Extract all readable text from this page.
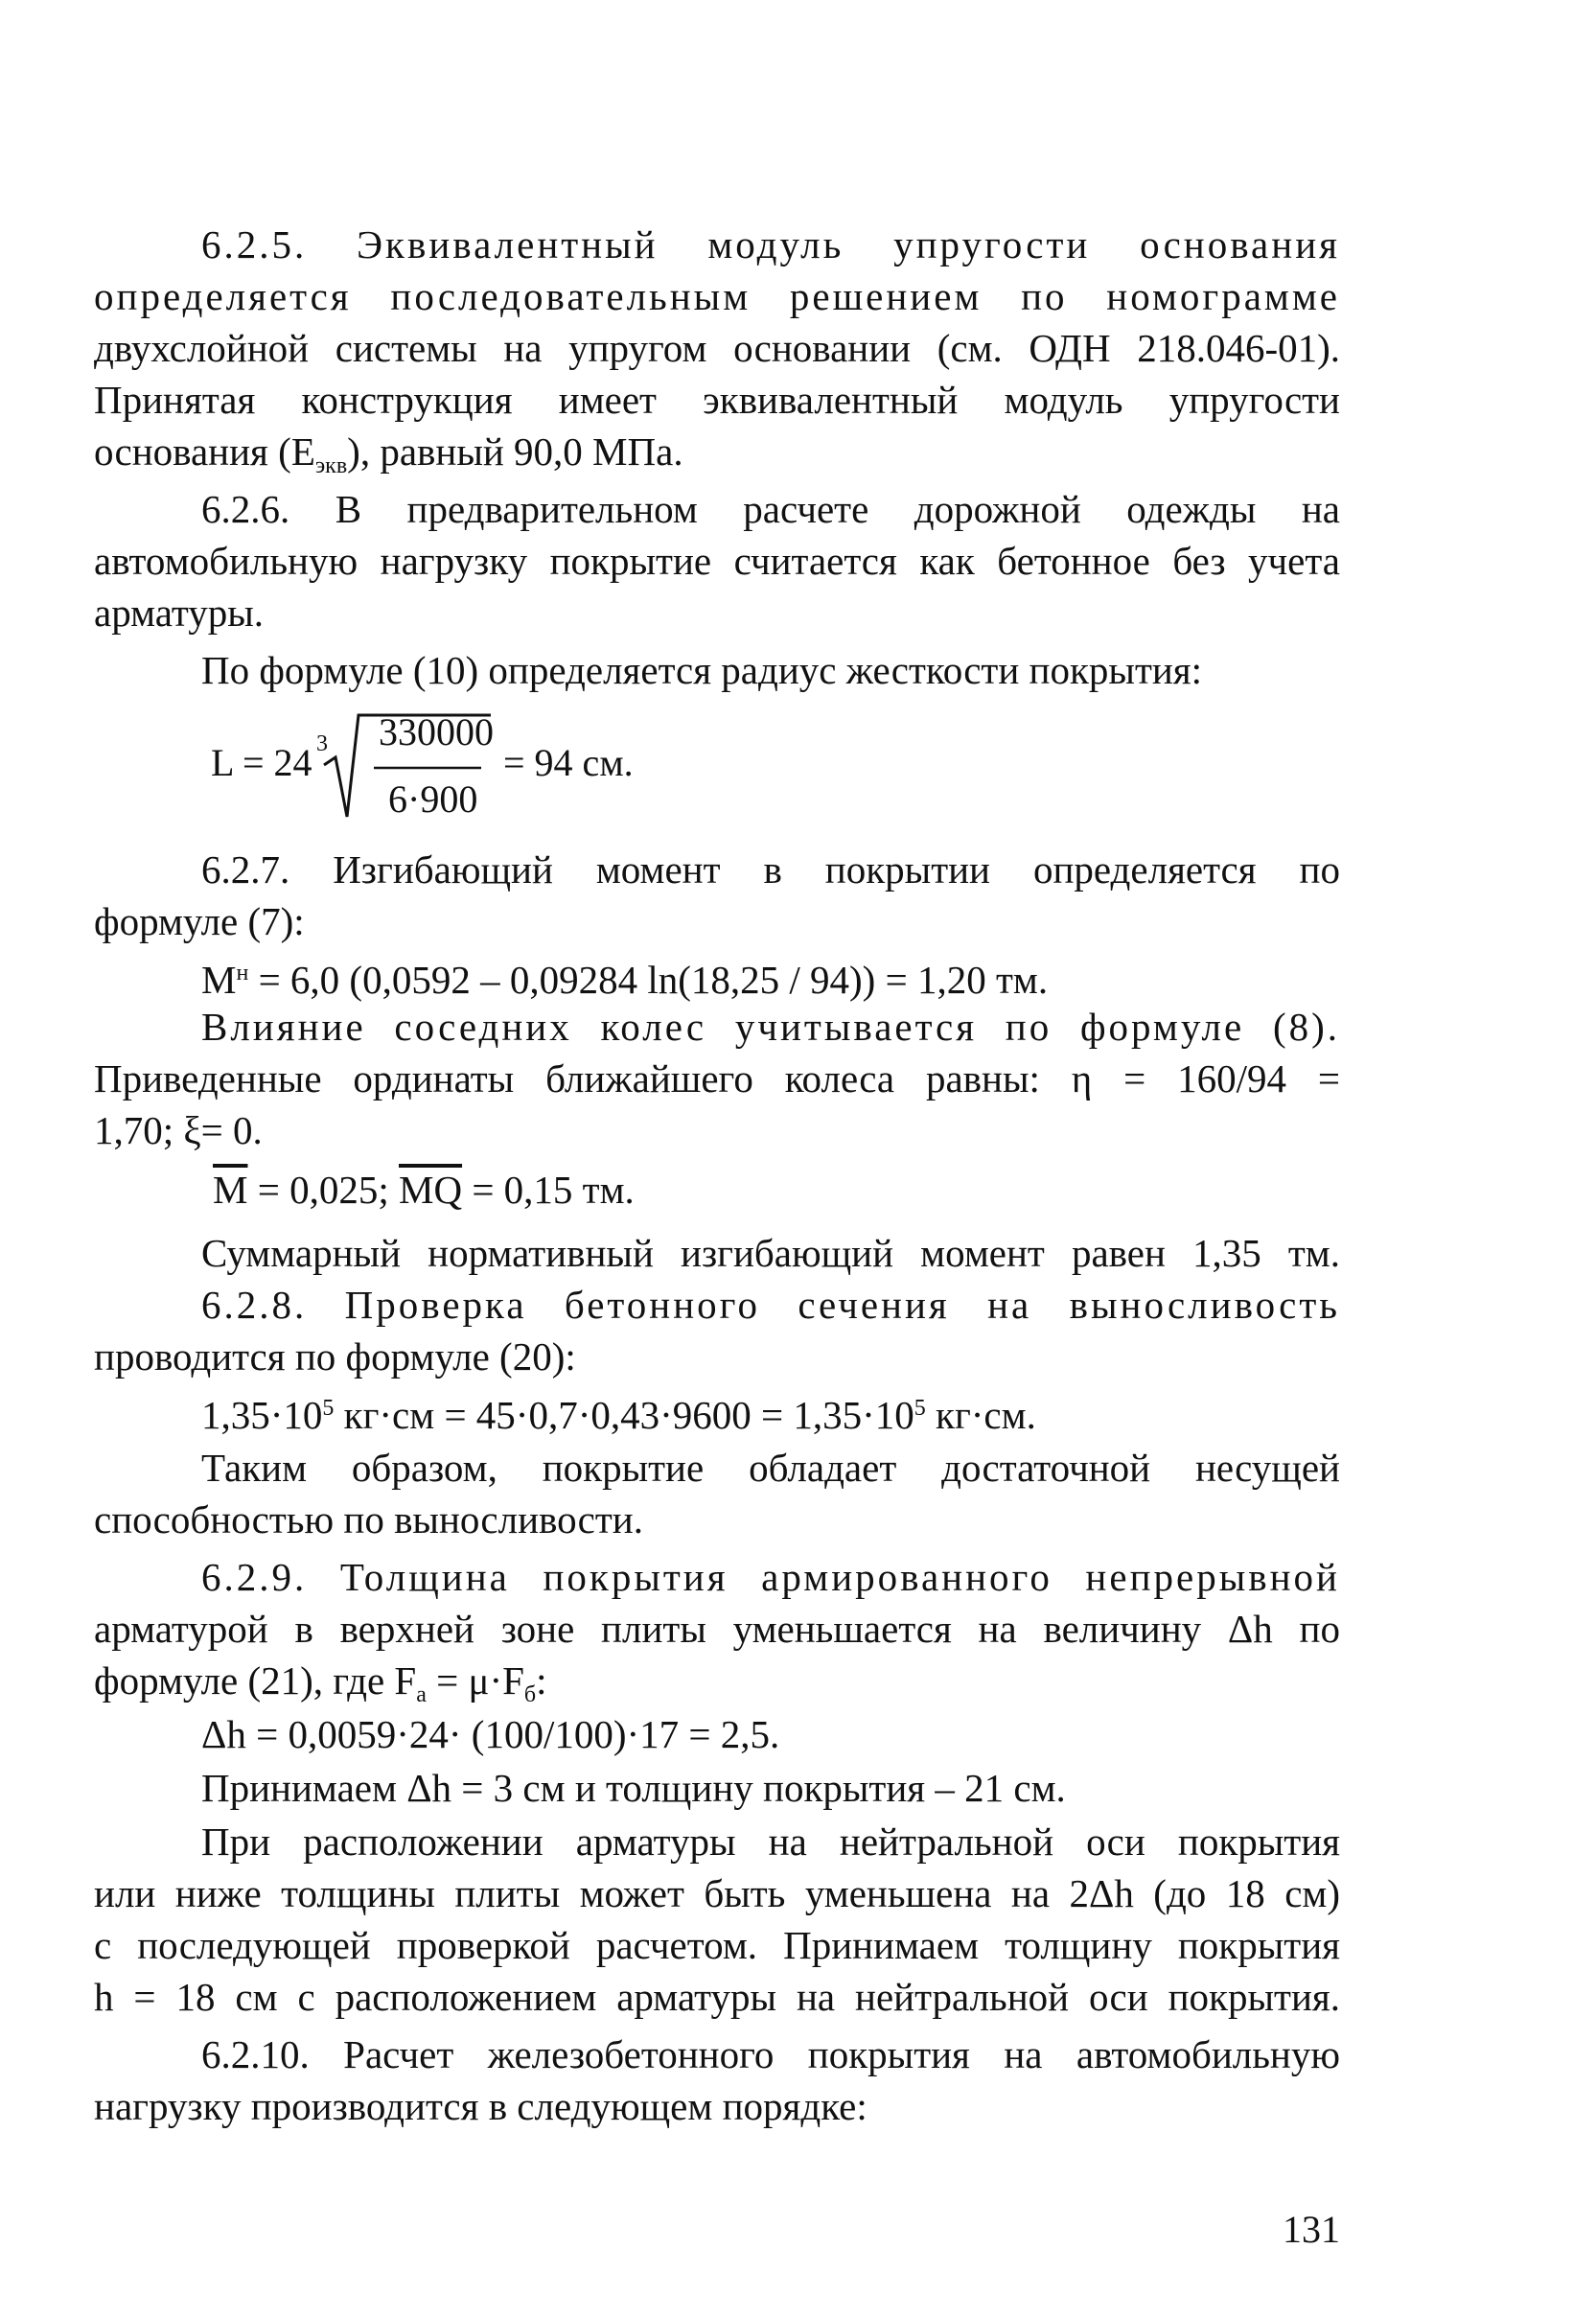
6.2.5. Эквивалентный модуль упругости основания
определяется последовательным решением по номограмме
двухслойной системы на упругом основании (см. ОДН 218.046-01).
Принятая конструкция имеет эквивалентный модуль упругости
основания $(Е_{экв})$, равный 90,0 МПа.
6.2.6. В предварительном расчете дорожной одежды на
автомобильную нагрузку покрытие считается как бетонное без учета
арматуры.
По формуле (10) определяется радиус жесткости покрытия:
L = 24 3 330000
6·900
= 94 см.
6.2.7. Изгибающий момент в покрытии определяется по
формуле (7):
$М^н = 6,0$ (0,0592 – 0,09284 ln(18,25 / 94)) = 1,20 тм.
Влияние соседних колес учитывается по формуле (8).
Приведенные ординаты ближайшего колеса равны: η = 160/94 =
1,70; ξ= 0.
М = 0,025; МQ = 0,15 тм.
Суммарный нормативный изгибающий момент равен 1,35 тм.
6.2.8. Проверка бетонного сечения на выносливость
проводится по формуле (20):
$1,35\cdot 10^5$ $кг\cdot см = 45\cdot 0,7\cdot 0,43\cdot 9600 = 1,35\cdot 10^5$ кг·см.
Таким образом, покрытие обладает достаточной несущей
способностью по выносливости.
6.2.9. Толщина покрытия армированного непрерывной
арматурой в верхней зоне плиты уменьшается на величину Δh по
формуле (21), где $F_а = \mu\cdot F_б$:
Δh = 0,0059·24· (100/100)·17 = 2,5.
Принимаем Δh = 3 см и толщину покрытия – 21 см.
При расположении арматуры на нейтральной оси покрытия
или ниже толщины плиты может быть уменьшена на 2Δh (до 18 см)
с последующей проверкой расчетом. Принимаем толщину покрытия
h = 18 см с расположением арматуры на нейтральной оси покрытия.
6.2.10. Расчет железобетонного покрытия на автомобильную
нагрузку производится в следующем порядке:
131
